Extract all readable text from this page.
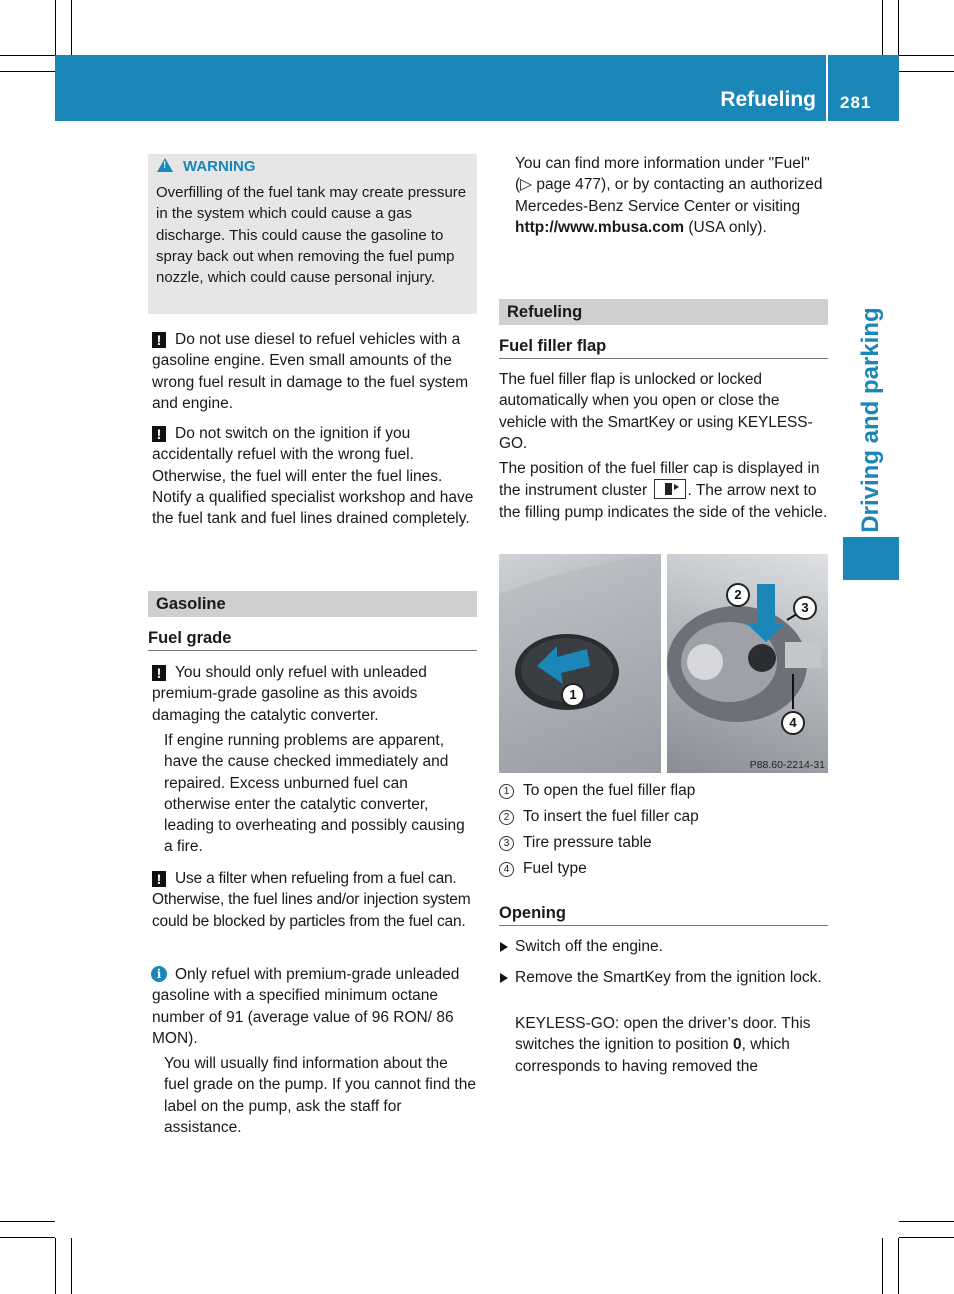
Refueling 281
Driving and parking
!WARNING
Overfilling of the fuel tank may create pressure in the system which could cause a gas discharge. This could cause the gasoline to spray back out when removing the fuel pump nozzle, which could cause personal injury.
! Do not use diesel to refuel vehicles with a gasoline engine. Even small amounts of the wrong fuel result in damage to the fuel system and engine.
! Do not switch on the ignition if you accidentally refuel with the wrong fuel. Otherwise, the fuel will enter the fuel lines. Notify a qualified specialist workshop and have the fuel tank and fuel lines drained completely.
Gasoline
Fuel grade
! You should only refuel with unleaded premium-grade gasoline as this avoids damaging the catalytic converter.
If engine running problems are apparent, have the cause checked immediately and repaired. Excess unburned fuel can otherwise enter the catalytic converter, leading to overheating and possibly causing a fire.
! Use a filter when refueling from a fuel can. Otherwise, the fuel lines and/or injection system could be blocked by particles from the fuel can.
i Only refuel with premium-grade unleaded gasoline with a specified minimum octane number of 91 (average value of 96 RON/ 86 MON).
You will usually find information about the fuel grade on the pump. If you cannot find the label on the pump, ask the staff for assistance.
You can find more information under "Fuel" (▷ page 477), or by contacting an authorized Mercedes-Benz Service Center or visiting http://www.mbusa.com (USA only).
Refueling
Fuel filler flap
The fuel filler flap is unlocked or locked automatically when you open or close the vehicle with the SmartKey or using KEYLESS-GO.
The position of the fuel filler cap is displayed in the instrument cluster	. The arrow next to the filling pump indicates the side of the vehicle.
1
2
3
4
P88.60-2214-31
1 To open the fuel filler flap
2 To insert the fuel filler cap
3 Tire pressure table
4 Fuel type
Opening
Switch off the engine.
Remove the SmartKey from the ignition lock.
KEYLESS-GO: open the driver’s door. This switches the ignition to position 0, which corresponds to having removed the
